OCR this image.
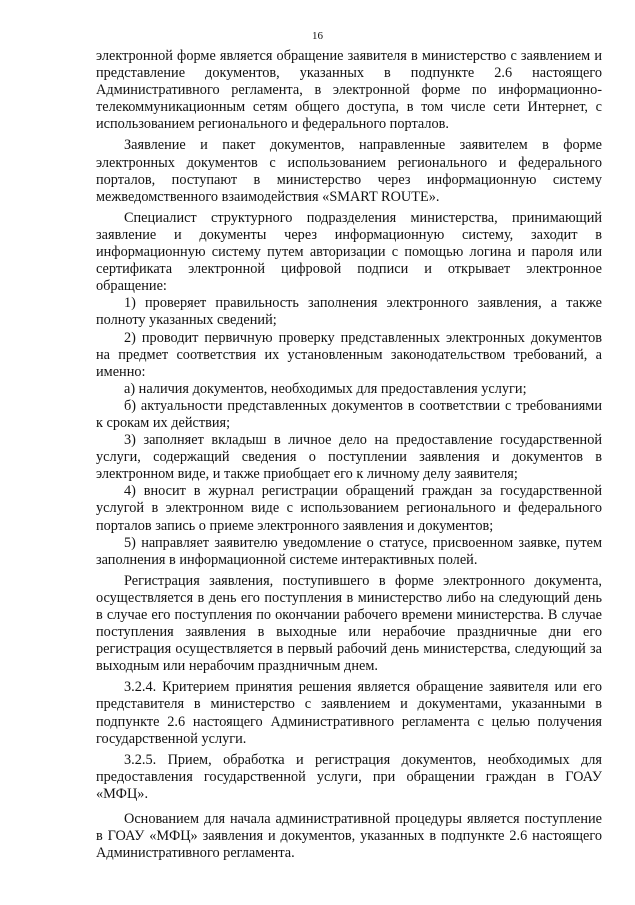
16

электронной форме является обращение заявителя в министерство с заявлением и представление документов, указанных в подпункте 2.6 настоящего Административного регламента, в электронной форме по информационно-телекоммуникационным сетям общего доступа, в том числе сети Интернет, с использованием регионального и федерального порталов.

Заявление и пакет документов, направленные заявителем в форме электронных документов с использованием регионального и федерального порталов, поступают в министерство через информационную систему межведомственного взаимодействия «SMART ROUTE».

Специалист структурного подразделения министерства, принимающий заявление и документы через информационную систему, заходит в информационную систему путем авторизации с помощью логина и пароля или сертификата электронной цифровой подписи и открывает электронное обращение:

1) проверяет правильность заполнения электронного заявления, а также полноту указанных сведений;

2) проводит первичную проверку представленных электронных документов на предмет соответствия их установленным законодательством требований, а именно:

а) наличия документов, необходимых для предоставления услуги;

б) актуальности представленных документов в соответствии с требованиями к срокам их действия;

3) заполняет вкладыш в личное дело на предоставление государственной услуги, содержащий сведения о поступлении заявления и документов в электронном виде, и также приобщает его к личному делу заявителя;

4) вносит в журнал регистрации обращений граждан за государственной услугой в электронном виде с использованием регионального и федерального порталов запись о приеме электронного заявления и документов;

5) направляет заявителю уведомление о статусе, присвоенном заявке, путем заполнения в информационной системе интерактивных полей.

Регистрация заявления, поступившего в форме электронного документа, осуществляется в день его поступления в министерство либо на следующий день в случае его поступления по окончании рабочего времени министерства. В случае поступления заявления в выходные или нерабочие праздничные дни его регистрация осуществляется в первый рабочий день министерства, следующий за выходным или нерабочим праздничным днем.

3.2.4. Критерием принятия решения является обращение заявителя или его представителя в министерство с заявлением и документами, указанными в подпункте 2.6 настоящего Административного регламента с целью получения государственной услуги.

3.2.5. Прием, обработка и регистрация документов, необходимых для предоставления государственной услуги, при обращении граждан в ГОАУ «МФЦ».

Основанием для начала административной процедуры является поступление в ГОАУ «МФЦ» заявления и документов, указанных в подпункте 2.6 настоящего Административного регламента.
